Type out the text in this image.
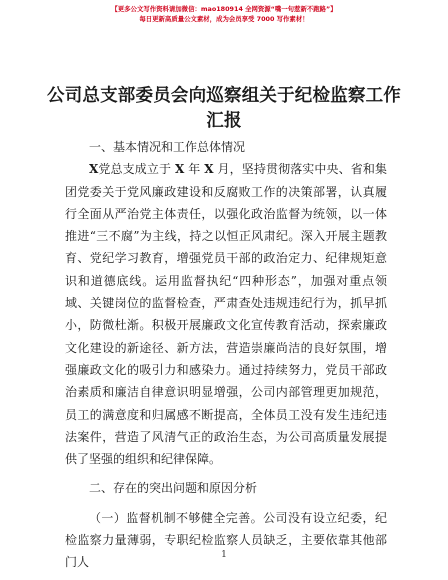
【更多公文写作资料请加微信：mao180914 全网资源“嘴一句惹新不跑路”】
每日更新高质量公文素材，成为会员享受 7000 写作素材！
公司总支部委员会向巡察组关于纪检监察工作
汇报

一、基本情况和工作总体情况

X党总支成立于 X 年 X 月，坚持贯彻落实中央、省和集团党委关于党风廉政建设和反腐败工作的决策部署，认真履行全面从严治党主体责任，以强化政治监督为统领，以一体推进“三不腐”为主线，持之以恒正风肃纪。深入开展主题教育、党纪学习教育，增强党员干部的政治定力、纪律规矩意识和道德底线。运用监督执纪“四种形态”，加强对重点领域、关键岗位的监督检查，严肃查处违规违纪行为，抓早抓小，防微杜渐。积极开展廉政文化宣传教育活动，探索廉政文化建设的新途径、新方法，营造崇廉尚洁的良好氛围，增强廉政文化的吸引力和感染力。通过持续努力，党员干部政治素质和廉洁自律意识明显增强，公司内部管理更加规范，员工的满意度和归属感不断提高，全体员工没有发生违纪违法案件，营造了风清气正的政治生态，为公司高质量发展提供了坚强的组织和纪律保障。

二、存在的突出问题和原因分析

（一）监督机制不够健全完善。公司没有设立纪委，纪检监察力量薄弱，专职纪检监察人员缺乏，主要依靠其他部门人

1
